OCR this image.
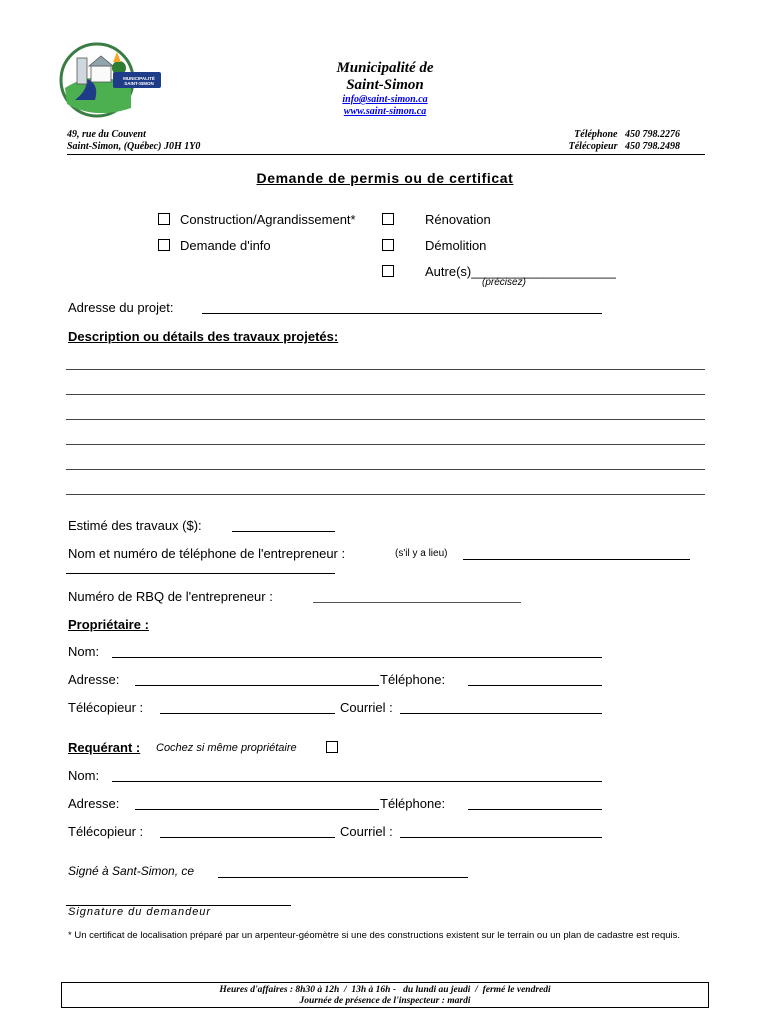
MUNICIPALITÉ SAINT-SIMON
Municipalité de
Saint-Simon
info@saint-simon.ca
www.saint-simon.ca
49, rue du Couvent
Saint-Simon, (Québec) J0H 1Y0
Téléphone   450 798.2276
Télécopieur   450 798.2498
Demande de permis ou de certificat
Construction/Agrandissement*	Rénovation
Demande d'info	Démolition
Autre(s)____________________
(précisez)
Adresse du projet:
Description ou détails des travaux projetés:
Estimé des travaux ($):
Nom et numéro de téléphone de l'entrepreneur :	(s'il y a lieu)
Numéro de RBQ de l'entrepreneur :
Propriétaire :
Nom:
Adresse:	Téléphone:
Télécopieur :	Courriel :
Requérant : Cochez si même propriétaire
Nom:
Adresse:	Téléphone:
Télécopieur :	Courriel :
Signé à Sant-Simon, ce
Signature du demandeur
* Un certificat de localisation préparé par un arpenteur-géomètre si une des constructions existent sur le terrain ou un plan de cadastre est requis.
Heures d'affaires : 8h30 à 12h  /  13h à 16h -   du lundi au jeudi  /  fermé le vendredi
Journée de présence de l'inspecteur : mardi
